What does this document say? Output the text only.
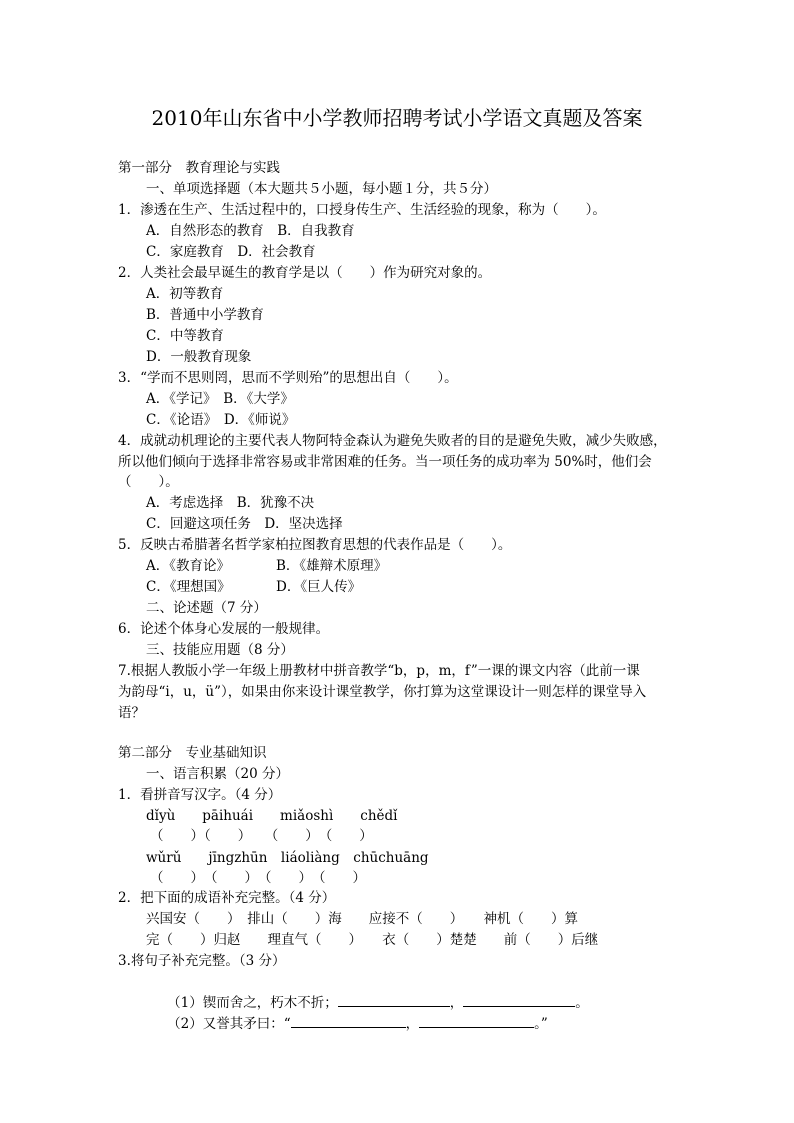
2010年山东省中小学教师招聘考试小学语文真题及答案
第一部分　教育理论与实践
一、单项选择题（本大题共５小题，每小题１分，共５分）
1．渗透在生产、生活过程中的，口授身传生产、生活经验的现象，称为（　　）。
A．自然形态的教育　B．自我教育
C．家庭教育　D．社会教育
2．人类社会最早诞生的教育学是以（　　）作为研究对象的。
A．初等教育
B．普通中小学教育
C．中等教育
D．一般教育现象
3．“学而不思则罔，思而不学则殆”的思想出自（　　）。
A．《学记》　B．《大学》
C．《论语》　D．《师说》
4．成就动机理论的主要代表人物阿特金森认为避免失败者的目的是避免失败，减少失败感，
所以他们倾向于选择非常容易或非常困难的任务。当一项任务的成功率为 50%时，他们会
（　　）。
A．考虑选择　B．犹豫不决
C．回避这项任务　D．坚决选择
5．反映古希腊著名哲学家柏拉图教育思想的代表作品是（　　）。
A．《教育论》	B．《雄辩术原理》
C．《理想国》	D．《巨人传》
二、论述题（7 分）
6．论述个体身心发展的一般规律。
三、技能应用题（8 分）
7.根据人教版小学一年级上册教材中拼音教学“b，p，m，f”一课的课文内容（此前一课
为韵母“i，u，ü”），如果由你来设计课堂教学，你打算为这堂课设计一则怎样的课堂导入
语？
第二部分　专业基础知识
一、语言积累（20 分）
1．看拼音写汉字。（4 分）
dǐyù　　pāihuái　　miǎoshì　　chědǐ
（　　）（　　）　　（　　）　（　　）
wǔrǔ　　jīngzhūn　liáoliàng　chūchuāng
（　　）　（　　）　（　　）　（　　）
2．把下面的成语补充完整。（4 分）
兴国安（　　）　排山（　　）海　　应接不（　　）　　神机（　　）算
完（　　）归赵　　理直气（　　）　　衣（　　）楚楚　　前（　　）后继
3.将句子补充完整。（3 分）

（1）锲而舍之，朽木不折；	，	。

（2）又誉其矛曰：“	，	。”
